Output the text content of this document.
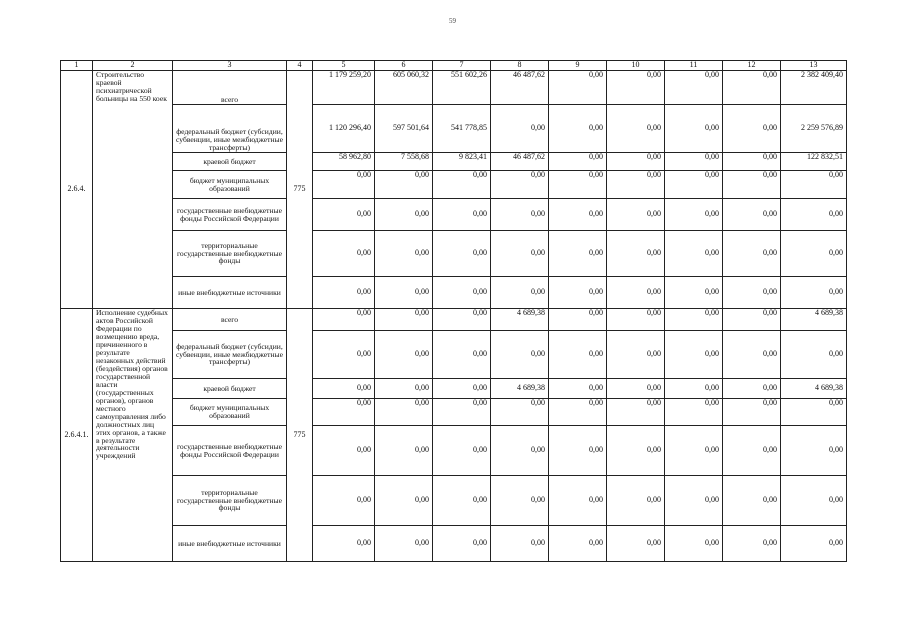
59
1	2	3	4	5	6	7	8	9	10	11	12	13
2.6.4.	Строительство краевой психиатрической больницы на 550 коек	всего	775	1 179 259,20	605 060,32	551 602,26	46 487,62	0,00	0,00	0,00	0,00	2 382 409,40
		федеральный бюджет (субсидии, субвенции, иные межбюджетные трансферты)		1 120 296,40	597 501,64	541 778,85	0,00	0,00	0,00	0,00	0,00	2 259 576,89
		краевой бюджет		58 962,80	7 558,68	9 823,41	46 487,62	0,00	0,00	0,00	0,00	122 832,51
		бюджет муниципальных образований		0,00	0,00	0,00	0,00	0,00	0,00	0,00	0,00	0,00
		государственные внебюджетные фонды Российской Федерации		0,00	0,00	0,00	0,00	0,00	0,00	0,00	0,00	0,00
		территориальные государственные внебюджетные фонды		0,00	0,00	0,00	0,00	0,00	0,00	0,00	0,00	0,00
		иные внебюджетные источники		0,00	0,00	0,00	0,00	0,00	0,00	0,00	0,00	0,00
2.6.4.1.	Исполнение судебных актов Российской Федерации по возмещению вреда, причиненного в результате незаконных действий (бездействия) органов государственной власти (государственных органов), органов местного самоуправления либо должностных лиц этих органов, а также в результате деятельности учреждений	всего	775	0,00	0,00	0,00	4 689,38	0,00	0,00	0,00	0,00	4 689,38
		федеральный бюджет (субсидии, субвенции, иные межбюджетные трансферты)		0,00	0,00	0,00	0,00	0,00	0,00	0,00	0,00	0,00
		краевой бюджет		0,00	0,00	0,00	4 689,38	0,00	0,00	0,00	0,00	4 689,38
		бюджет муниципальных образований		0,00	0,00	0,00	0,00	0,00	0,00	0,00	0,00	0,00
		государственные внебюджетные фонды Российской Федерации		0,00	0,00	0,00	0,00	0,00	0,00	0,00	0,00	0,00
		территориальные государственные внебюджетные фонды		0,00	0,00	0,00	0,00	0,00	0,00	0,00	0,00	0,00
		иные внебюджетные источники		0,00	0,00	0,00	0,00	0,00	0,00	0,00	0,00	0,00
